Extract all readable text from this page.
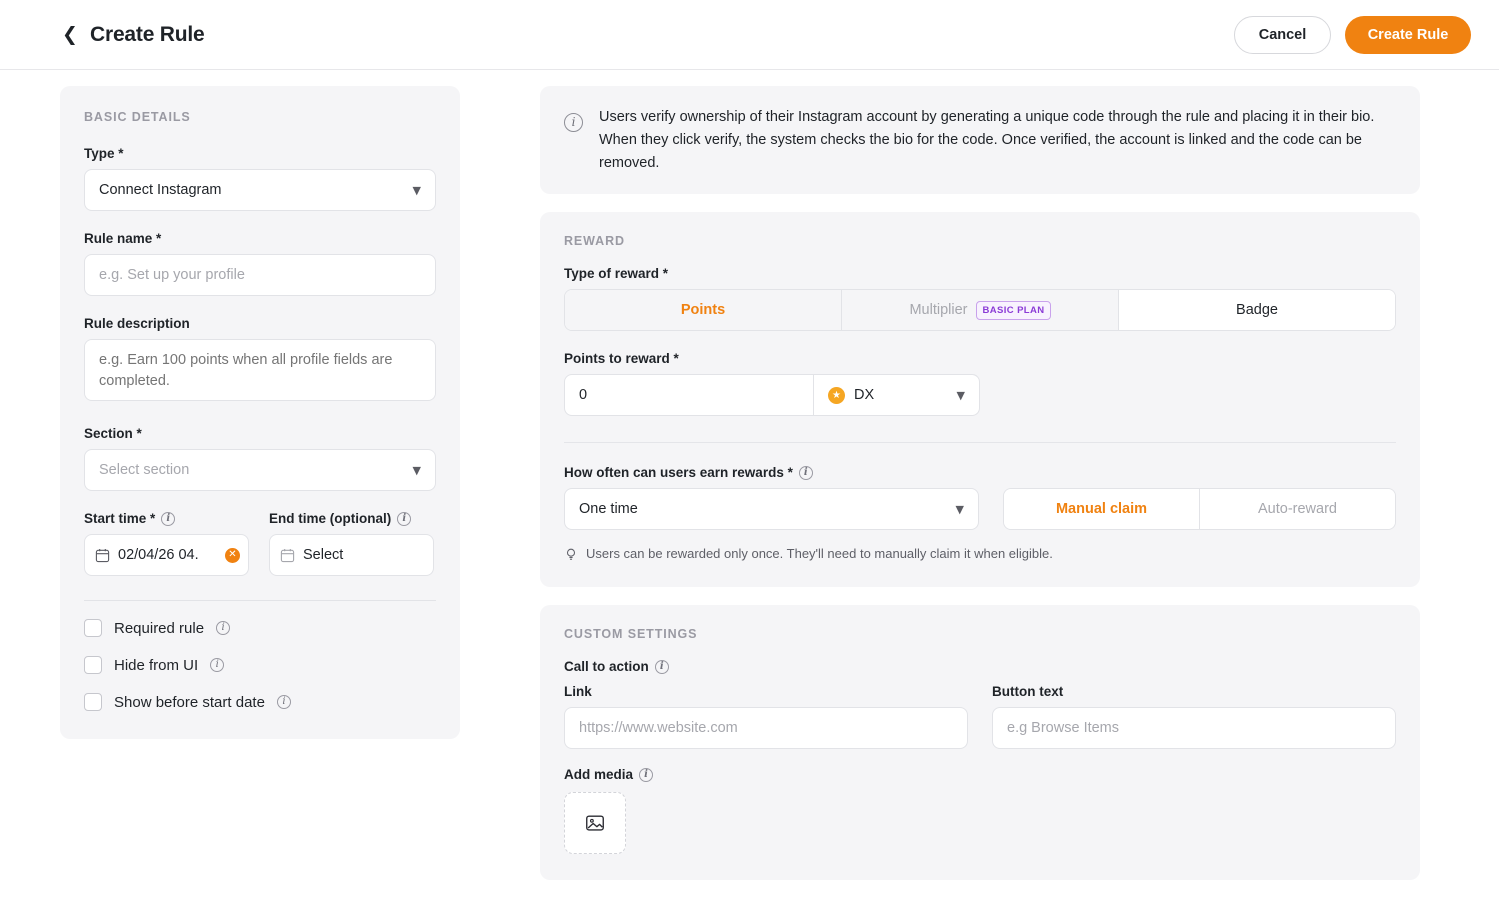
❮ Create Rule	Cancel	Create Rule
BASIC DETAILS
Type *
Connect Instagram	▼
Rule name *
e.g. Set up your profile
Rule description
e.g. Earn 100 points when all profile fields are completed.
Section *
Select section	▼
Start time *	i
02/04/26 04.	✕
End time (optional)	i
Select
Required rule	i
Hide from UI	i
Show before start date	i
i	Users verify ownership of their Instagram account by generating a unique code through the rule and placing it in their bio. When they click verify, the system checks the bio for the code. Once verified, the account is linked and the code can be removed.
REWARD
Type of reward *
Points	Multiplier	BASIC PLAN	Badge
Points to reward *
0	★ DX	▼
How often can users earn rewards *	i
One time	▼	Manual claim	Auto-reward
Users can be rewarded only once. They'll need to manually claim it when eligible.
CUSTOM SETTINGS
Call to action	i
Link
https://www.website.com
Button text
e.g Browse Items
Add media	i
